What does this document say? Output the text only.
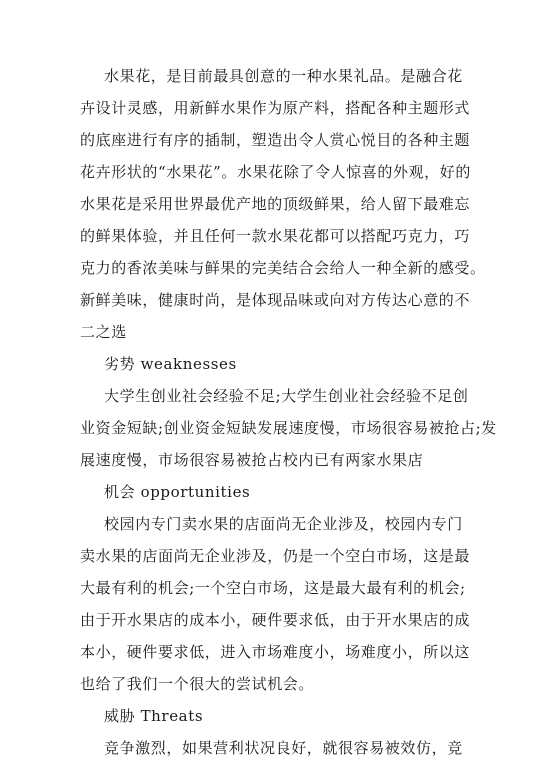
水果花，是目前最具创意的一种水果礼品。是融合花
卉设计灵感，用新鲜水果作为原产料，搭配各种主题形式
的底座进行有序的插制，塑造出令人赏心悦目的各种主题
花卉形状的“水果花”。水果花除了令人惊喜的外观，好的
水果花是采用世界最优产地的顶级鲜果，给人留下最难忘
的鲜果体验，并且任何一款水果花都可以搭配巧克力，巧
克力的香浓美味与鲜果的完美结合会给人一种全新的感受。
新鲜美味，健康时尚，是体现品味或向对方传达心意的不
二之选
劣势 weaknesses
大学生创业社会经验不足;大学生创业社会经验不足创
业资金短缺;创业资金短缺发展速度慢，市场很容易被抢占;发
展速度慢，市场很容易被抢占校内已有两家水果店
机会 opportunities
校园内专门卖水果的店面尚无企业涉及，校园内专门
卖水果的店面尚无企业涉及，仍是一个空白市场，这是最
大最有利的机会;一个空白市场，这是最大最有利的机会;
由于开水果店的成本小，硬件要求低，由于开水果店的成
本小，硬件要求低，进入市场难度小，场难度小，所以这
也给了我们一个很大的尝试机会。
威胁 Threats
竞争激烈，如果营利状况良好，就很容易被效仿，竞
